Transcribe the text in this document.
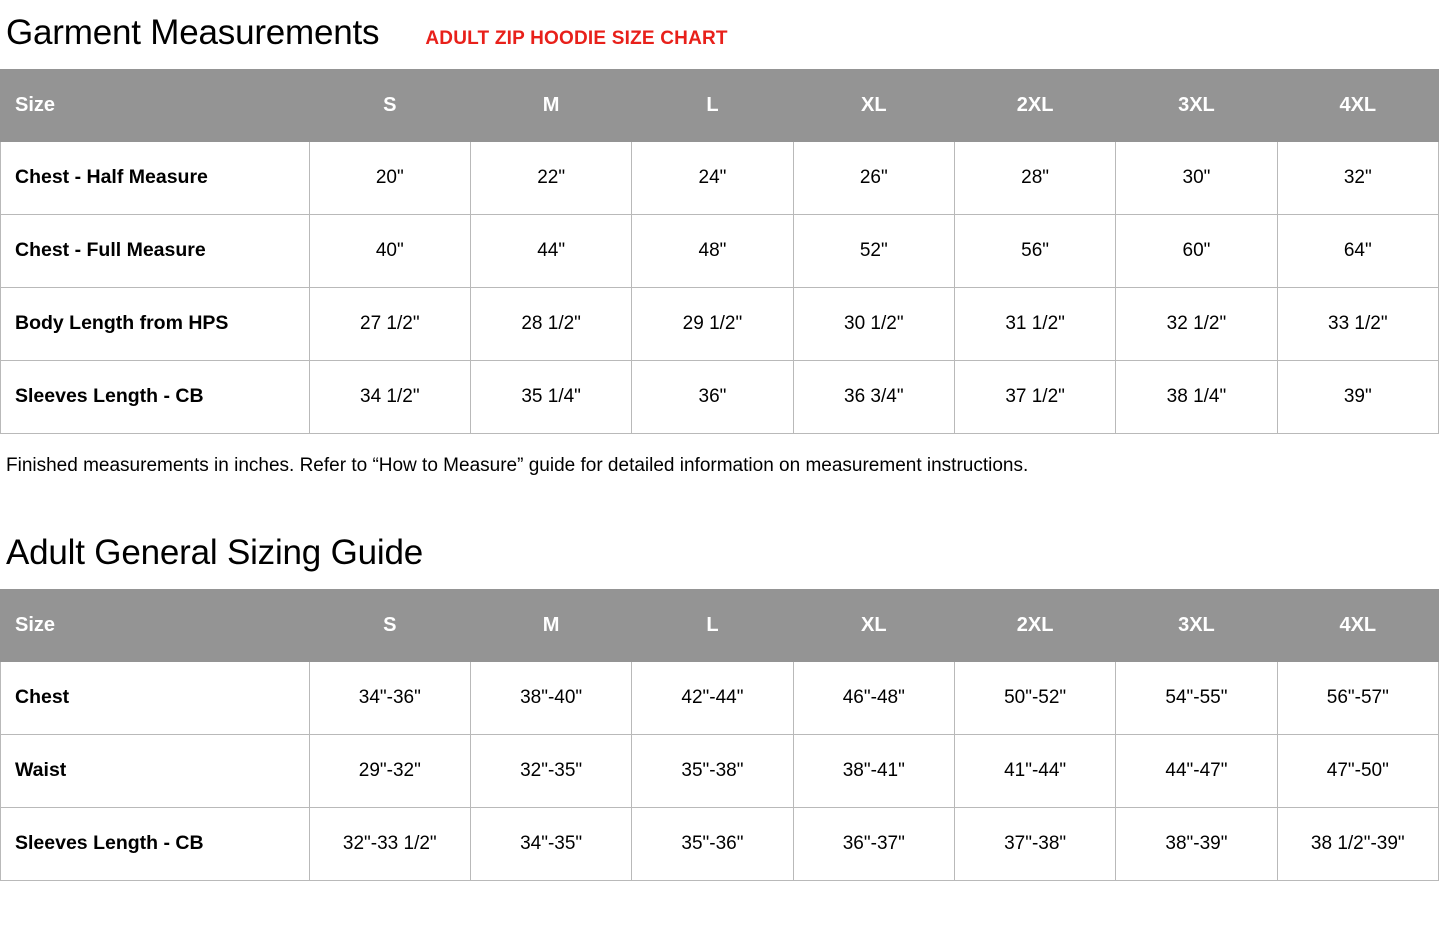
Garment Measurements ADULT ZIP HOODIE SIZE CHART
Size	S	M	L	XL	2XL	3XL	4XL
Chest - Half Measure	20"	22"	24"	26"	28"	30"	32"
Chest - Full Measure	40"	44"	48"	52"	56"	60"	64"
Body Length from HPS	27 1/2"	28 1/2"	29 1/2"	30 1/2"	31 1/2"	32 1/2"	33 1/2"
Sleeves Length - CB	34 1/2"	35 1/4"	36"	36 3/4"	37 1/2"	38 1/4"	39"
Finished measurements in inches. Refer to “How to Measure” guide for detailed information on measurement instructions.
Adult General Sizing Guide
Size	S	M	L	XL	2XL	3XL	4XL
Chest	34"-36"	38"-40"	42"-44"	46"-48"	50"-52"	54"-55"	56"-57"
Waist	29"-32"	32"-35"	35"-38"	38"-41"	41"-44"	44"-47"	47"-50"
Sleeves Length - CB	32"-33 1/2"	34"-35"	35"-36"	36"-37"	37"-38"	38"-39"	38 1/2"-39"
